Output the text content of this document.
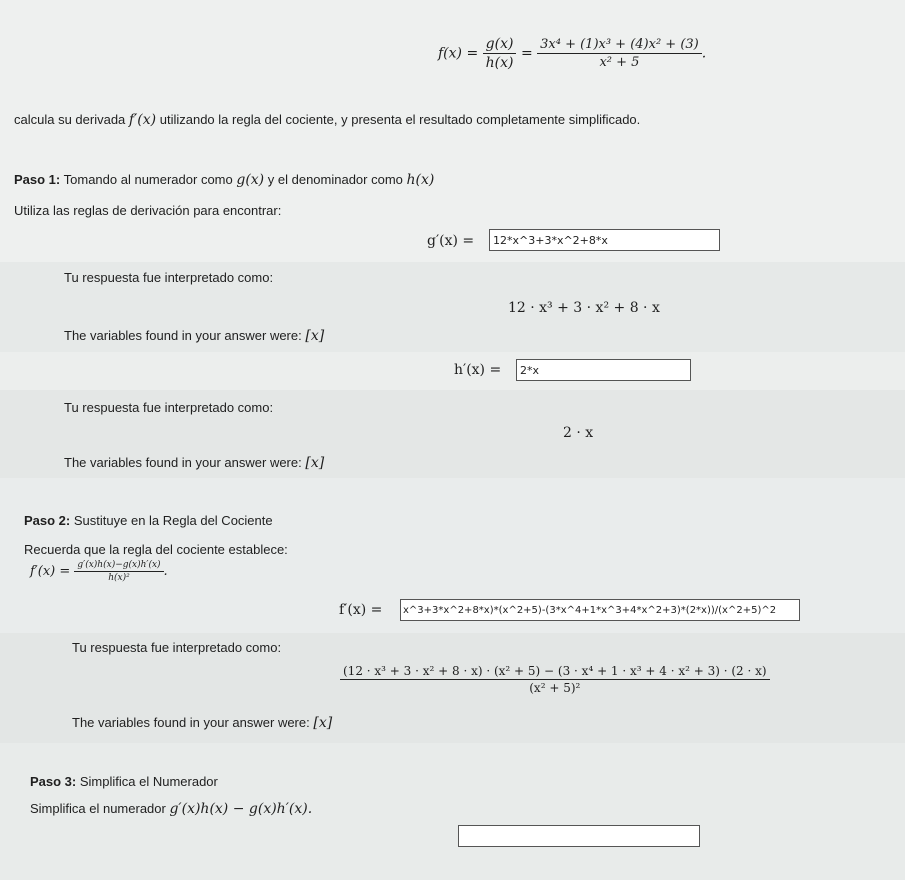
$f(x) = \frac{g(x)}{h(x)} = \frac{\text{3x⁴ + (1)x³ + (4)x² + (3)}}{\text{x² + 5}}$ .
calcula su derivada f′(x) utilizando la regla del cociente, y presenta el resultado completamente simplificado.
Paso 1: Tomando al numerador como g(x) y el denominador como h(x)
Utiliza las reglas de derivación para encontrar:
g′(x) =	12*x^3+3*x^2+8*x
Tu respuesta fue interpretado como:
12 · x³ + 3 · x² + 8 · x
The variables found in your answer were: [x]
h′(x) =	2*x
Tu respuesta fue interpretado como:
2 · x
The variables found in your answer were: [x]
Paso 2: Sustituye en la Regla del Cociente
Recuerda que la regla del cociente establece:
$f'(x) = \frac{g'(x)h(x)-g(x)h'(x)}{\text{h(x)²}}$ .
f′(x) =	x^3+3*x^2+8*x)*(x^2+5)-(3*x^4+1*x^3+4*x^2+3)*(2*x))/(x^2+5)^2
Tu respuesta fue interpretado como:
(12 · x³ + 3 · x² + 8 · x) · (x² + 5) − (3 · x⁴ + 1 · x³ + 4 · x² + 3) · (2 · x)
(x² + 5)²
The variables found in your answer were: [x]
Paso 3: Simplifica el Numerador
Simplifica el numerador g′(x)h(x) − g(x)h′(x).
